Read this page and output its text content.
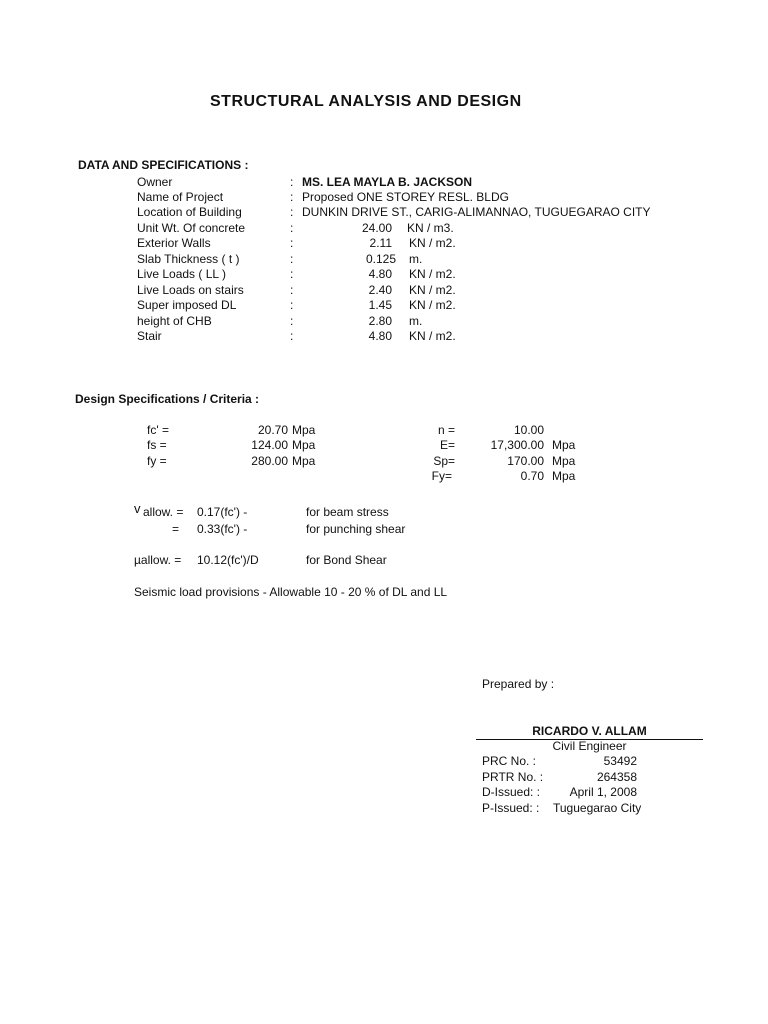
STRUCTURAL ANALYSIS AND DESIGN
DATA AND SPECIFICATIONS :
Owner	: MS. LEA MAYLA B. JACKSON
Name of Project	: Proposed ONE STOREY RESL. BLDG
Location of Building	: DUNKIN DRIVE ST., CARIG-ALIMANNAO, TUGUEGARAO CITY
Unit Wt. Of concrete	:	24.00 KN / m3.
Exterior Walls	:	2.11 KN / m2.
Slab Thickness ( t )	:	0.125 m.
Live Loads ( LL )	:	4.80 KN / m2.
Live Loads on stairs	:	2.40 KN / m2.
Super imposed DL	:	1.45 KN / m2.
height of CHB	:	2.80 m.
Stair	:	4.80 KN / m2.
Design Specifications / Criteria :
fc' =	20.70 Mpa
fs =	124.00 Mpa
fy =	280.00 Mpa
n =	10.00
E=	17,300.00 Mpa
Sp=	170.00 Mpa
Fy=	0.70 Mpa
v allow. = 0.17(fc') -	for beam stress
= 0.33(fc') -	for punching shear
µallow. = 10.12(fc')/D	for Bond Shear
Seismic load provisions - Allowable 10 - 20 % of DL and LL
Prepared by :
RICARDO V. ALLAM
Civil Engineer
PRC No. :	53492
PRTR No. :	264358
D-Issued: :	April 1, 2008
P-Issued: : Tuguegarao City
